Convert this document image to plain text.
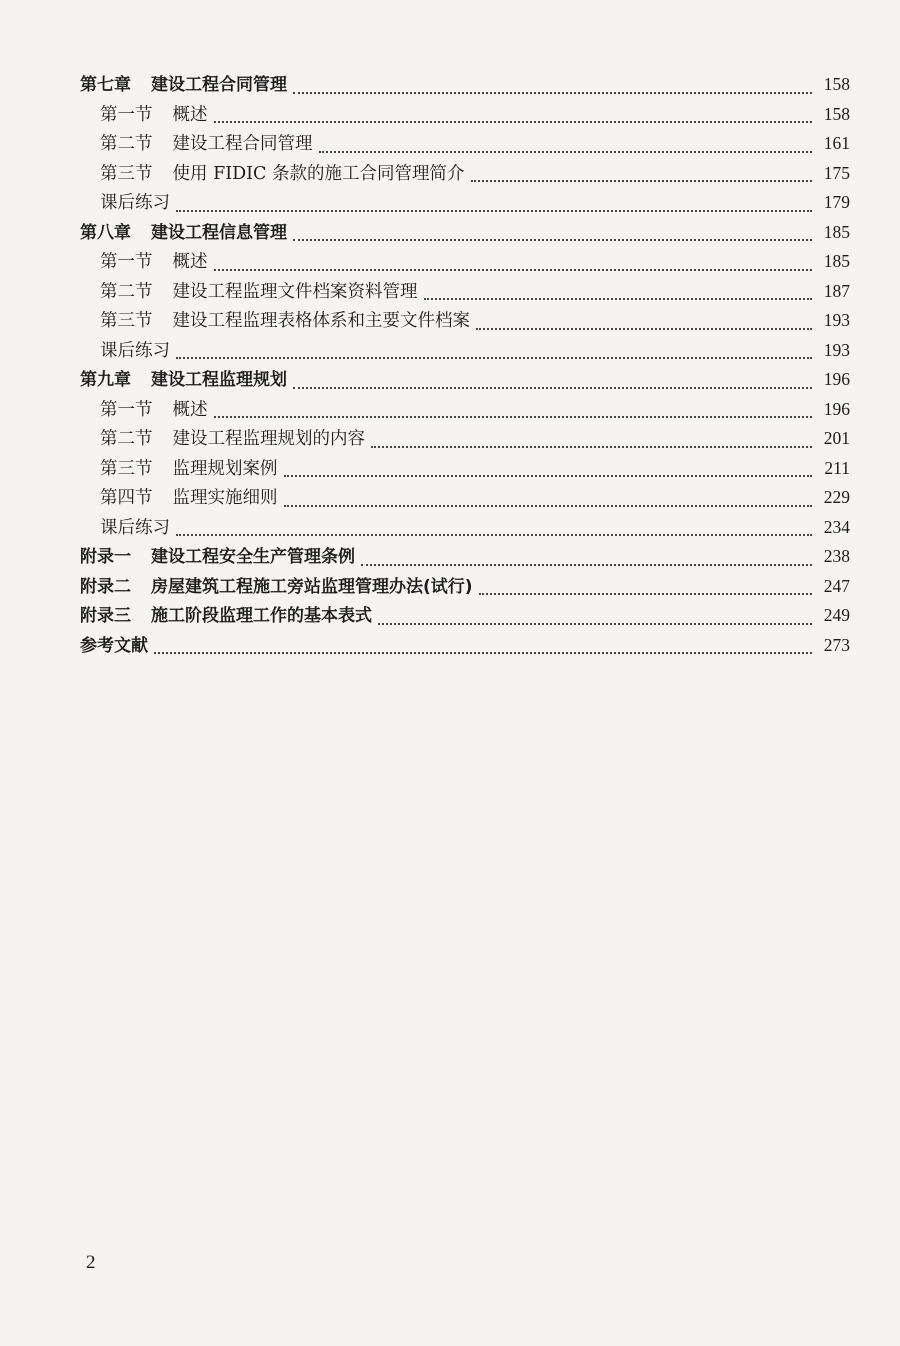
第七章 建设工程合同管理	158
第一节 概述	158
第二节 建设工程合同管理	161
第三节 使用 FIDIC 条款的施工合同管理简介	175
课后练习	179
第八章 建设工程信息管理	185
第一节 概述	185
第二节 建设工程监理文件档案资料管理	187
第三节 建设工程监理表格体系和主要文件档案	193
课后练习	193
第九章 建设工程监理规划	196
第一节 概述	196
第二节 建设工程监理规划的内容	201
第三节 监理规划案例	211
第四节 监理实施细则	229
课后练习	234
附录一 建设工程安全生产管理条例	238
附录二 房屋建筑工程施工旁站监理管理办法(试行)	247
附录三 施工阶段监理工作的基本表式	249
参考文献	273
2
